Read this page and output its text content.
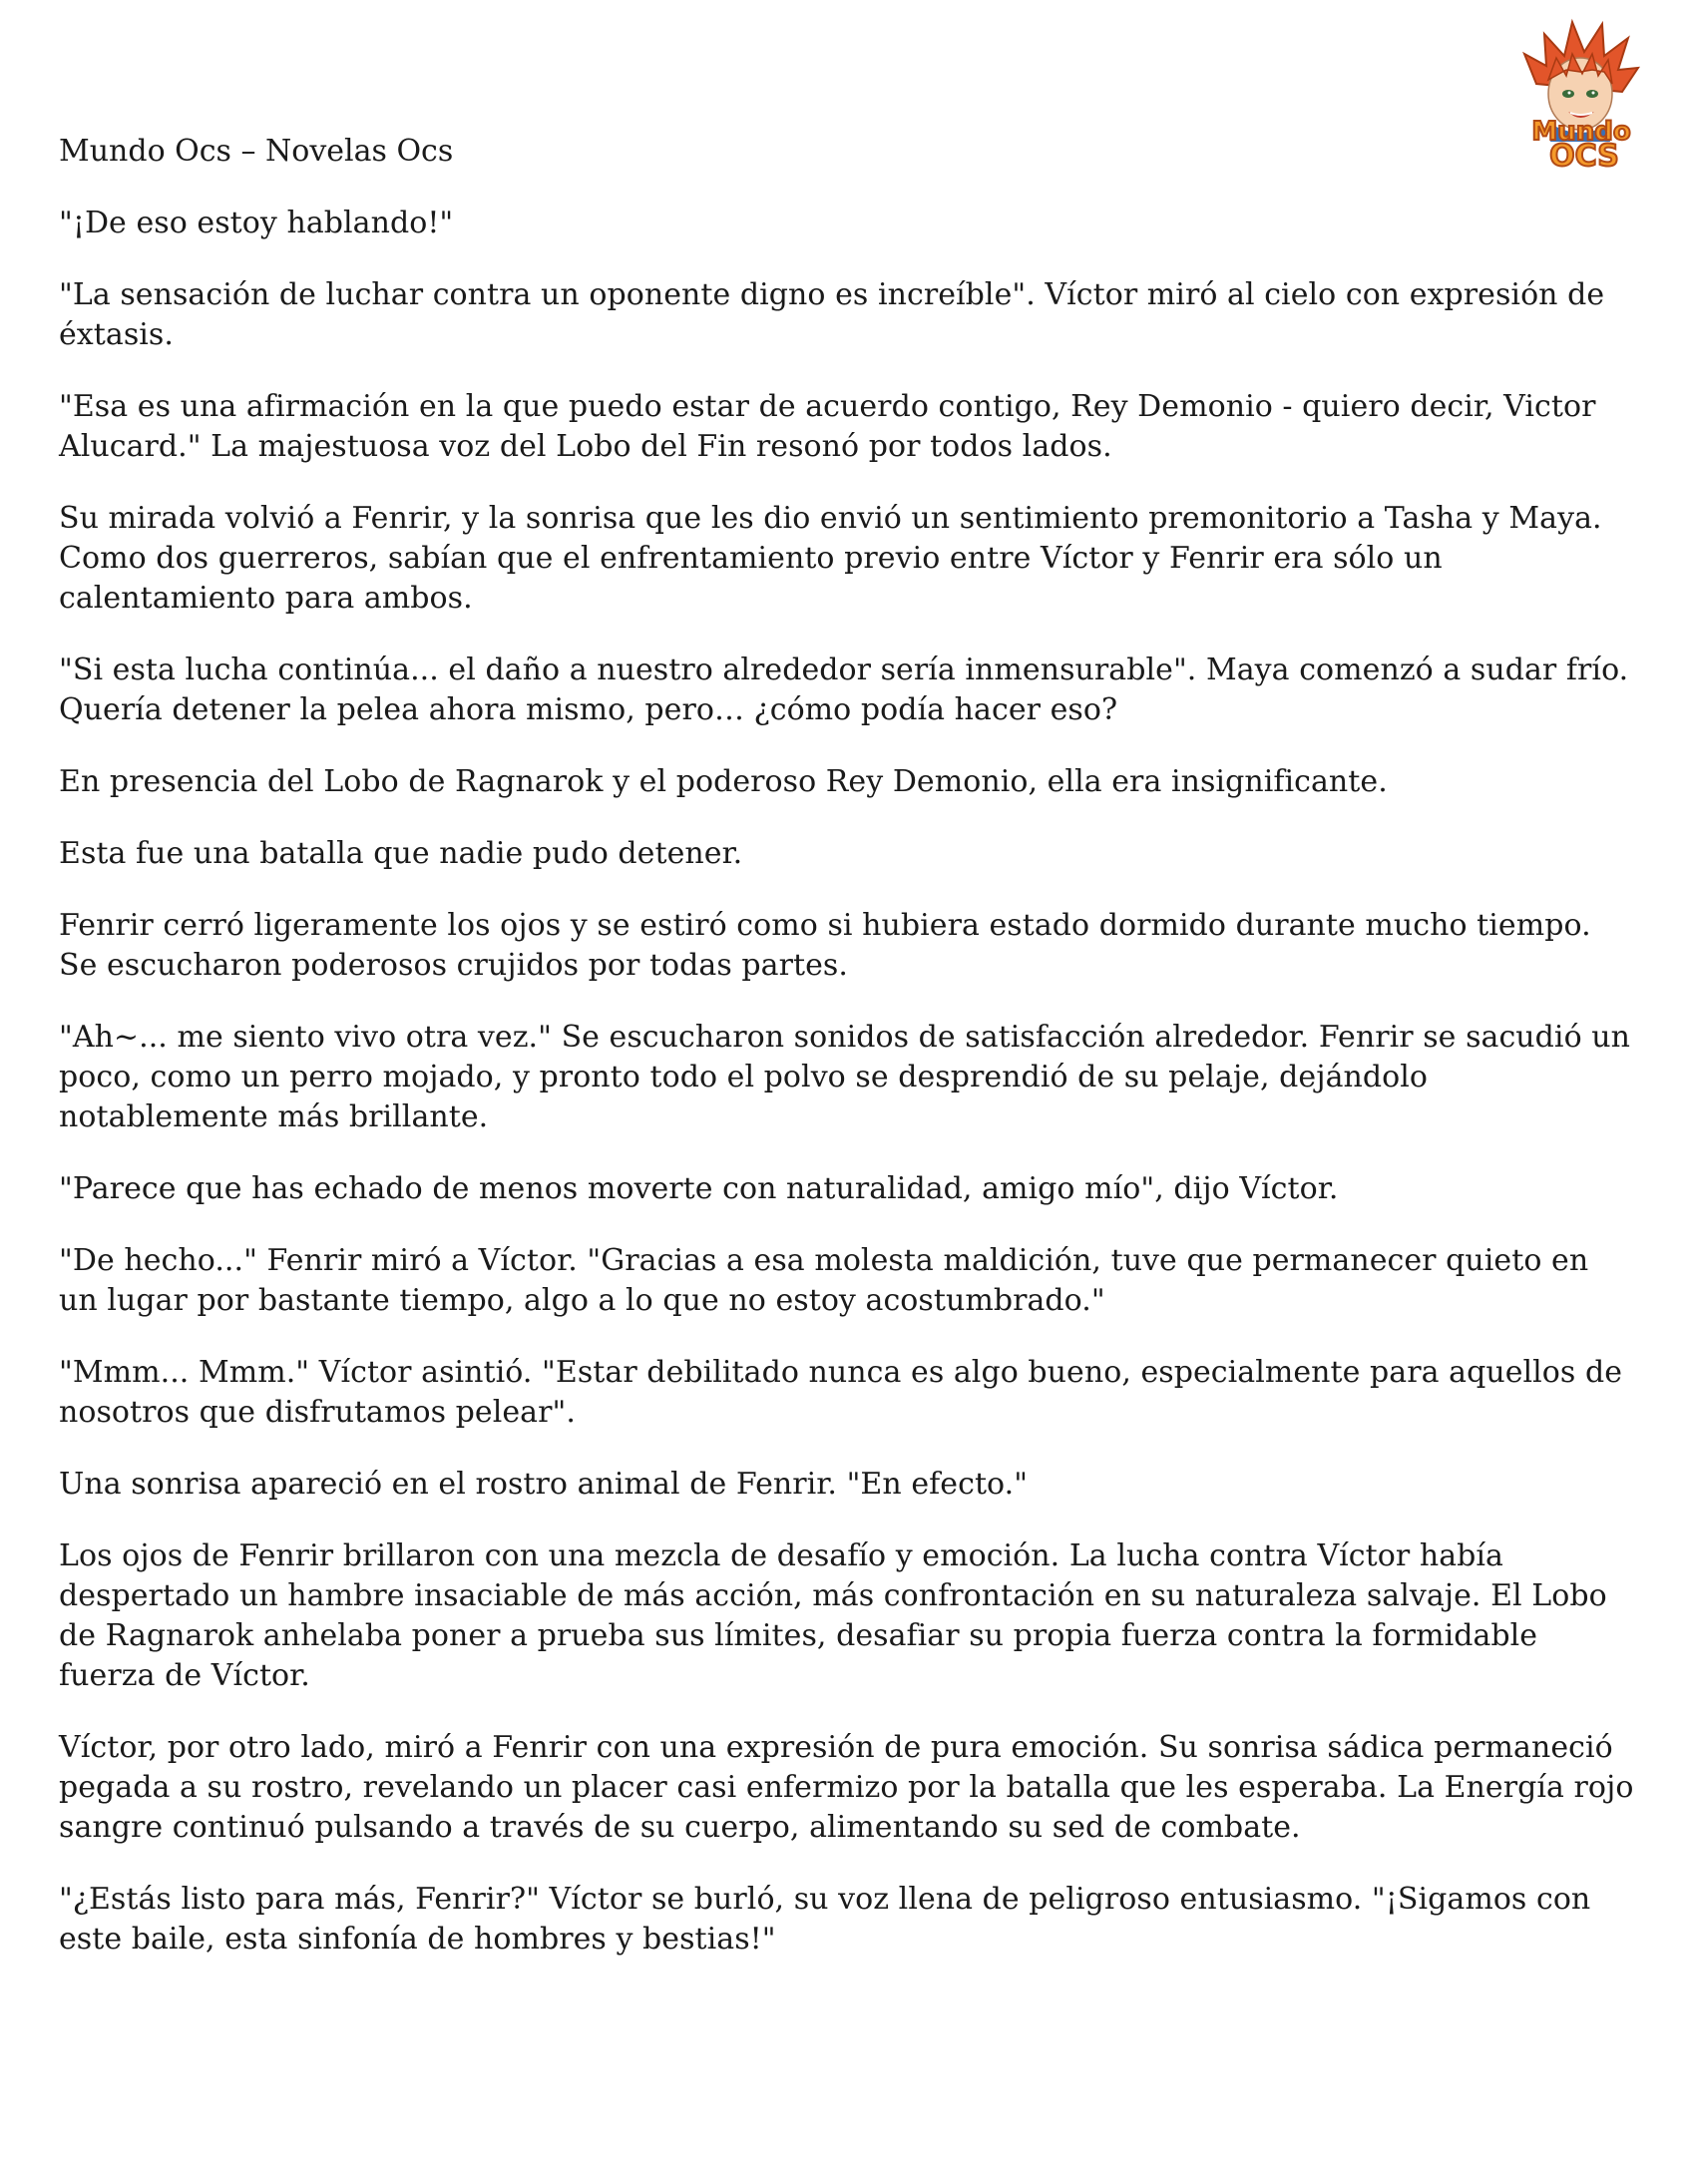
Mundo
OCS

Mundo Ocs – Novelas Ocs

"¡De eso estoy hablando!"

"La sensación de luchar contra un oponente digno es increíble". Víctor miró al cielo con expresión de éxtasis.

"Esa es una afirmación en la que puedo estar de acuerdo contigo, Rey Demonio - quiero decir, Victor Alucard." La majestuosa voz del Lobo del Fin resonó por todos lados.

Su mirada volvió a Fenrir, y la sonrisa que les dio envió un sentimiento premonitorio a Tasha y Maya. Como dos guerreros, sabían que el enfrentamiento previo entre Víctor y Fenrir era sólo un calentamiento para ambos.

"Si esta lucha continúa... el daño a nuestro alrededor sería inmensurable". Maya comenzó a sudar frío. Quería detener la pelea ahora mismo, pero… ¿cómo podía hacer eso?

En presencia del Lobo de Ragnarok y el poderoso Rey Demonio, ella era insignificante.

Esta fue una batalla que nadie pudo detener.

Fenrir cerró ligeramente los ojos y se estiró como si hubiera estado dormido durante mucho tiempo. Se escucharon poderosos crujidos por todas partes.

"Ah~... me siento vivo otra vez." Se escucharon sonidos de satisfacción alrededor. Fenrir se sacudió un poco, como un perro mojado, y pronto todo el polvo se desprendió de su pelaje, dejándolo notablemente más brillante.

"Parece que has echado de menos moverte con naturalidad, amigo mío", dijo Víctor.

"De hecho..." Fenrir miró a Víctor. "Gracias a esa molesta maldición, tuve que permanecer quieto en un lugar por bastante tiempo, algo a lo que no estoy acostumbrado."

"Mmm... Mmm." Víctor asintió. "Estar debilitado nunca es algo bueno, especialmente para aquellos de nosotros que disfrutamos pelear".

Una sonrisa apareció en el rostro animal de Fenrir. "En efecto."

Los ojos de Fenrir brillaron con una mezcla de desafío y emoción. La lucha contra Víctor había despertado un hambre insaciable de más acción, más confrontación en su naturaleza salvaje. El Lobo de Ragnarok anhelaba poner a prueba sus límites, desafiar su propia fuerza contra la formidable fuerza de Víctor.

Víctor, por otro lado, miró a Fenrir con una expresión de pura emoción. Su sonrisa sádica permaneció pegada a su rostro, revelando un placer casi enfermizo por la batalla que les esperaba. La Energía rojo sangre continuó pulsando a través de su cuerpo, alimentando su sed de combate.

"¿Estás listo para más, Fenrir?" Víctor se burló, su voz llena de peligroso entusiasmo. "¡Sigamos con este baile, esta sinfonía de hombres y bestias!"
